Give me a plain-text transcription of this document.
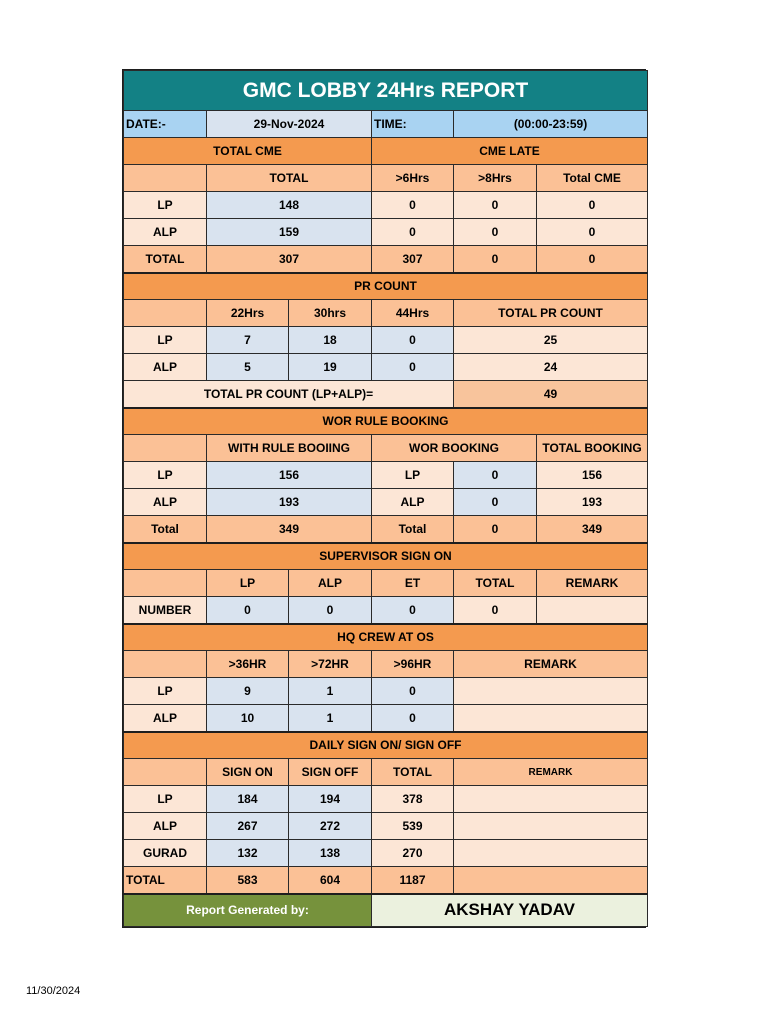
GMC LOBBY 24Hrs REPORT					
DATE:-	29-Nov-2024		TIME:	(00:00-23:59)	
TOTAL CME			CME LATE		
	TOTAL		>6Hrs	>8Hrs	Total CME
LP	148		0	0	0
ALP	159		0	0	0
TOTAL	307		307	0	0
PR COUNT					
	22Hrs	30hrs	44Hrs	TOTAL PR COUNT	
LP	7	18	0	25	
ALP	5	19	0	24	
TOTAL PR COUNT (LP+ALP)=				49	
WOR RULE BOOKING					
	WITH RULE BOOIING		WOR BOOKING		TOTAL BOOKING
LP	156		LP	0	156
ALP	193		ALP	0	193
Total	349		Total	0	349
SUPERVISOR SIGN ON					
	LP	ALP	ET	TOTAL	REMARK
NUMBER	0	0	0	0	
HQ CREW AT OS					
	>36HR	>72HR	>96HR	REMARK	
LP	9	1	0		
ALP	10	1	0		
DAILY SIGN ON/ SIGN OFF					
	SIGN ON	SIGN OFF	TOTAL	REMARK	
LP	184	194	378		
ALP	267	272	539		
GURAD	132	138	270		
TOTAL	583	604	1187		
Report Generated by:			AKSHAY YADAV		
11/30/2024
